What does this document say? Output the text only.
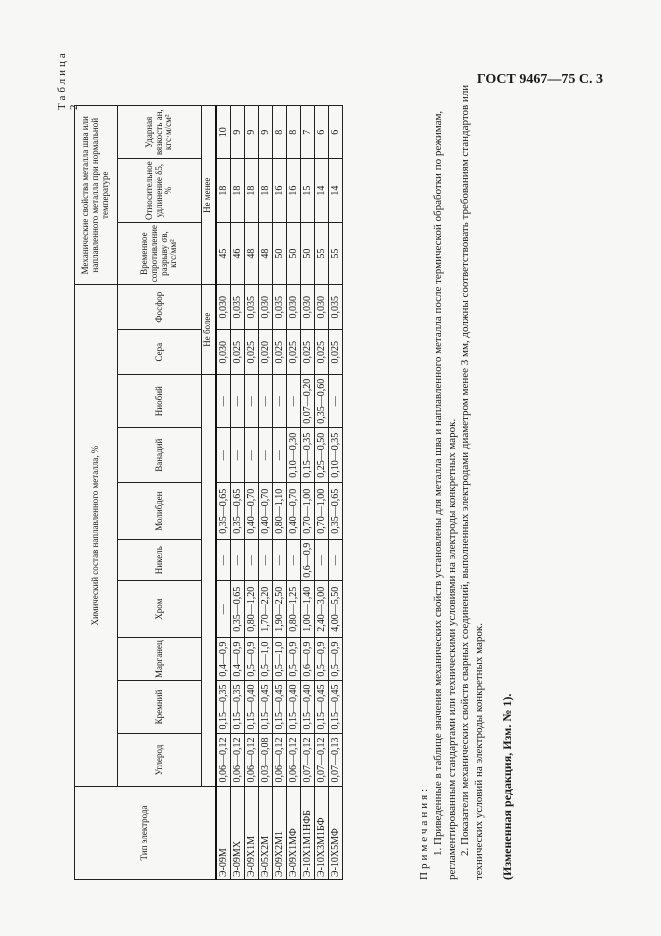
ГОСТ 9467—75 С. 3
Таблица 2
Тип электрода	Химический состав наплавленного металла, %										Механические свойства металла шва или наплавленного металла при нормальной температуре		
	Углерод	Кремний	Марганец	Хром	Никель	Молибден	Ванадий	Ниобий	Сера	Фосфор	Временное сопротивление разрыву σв, кгс/мм²	Относительное удлинение δ5, %	Ударная вязкость aн, кгс·м/см²
									Не более		Не менее		
Э-09М	0,06—0,12	0,15—0,35	0,4—0,9	—	—	0,35—0,65	—	—	0,030	0,030	45	18	10
Э-09МХ	0,06—0,12	0,15—0,35	0,4—0,9	0,35—0,65	—	0,35—0,65	—	—	0,025	0,035	46	18	9
Э-09Х1М	0,06—0,12	0,15—0,40	0,5—0,9	0,80—1,20	—	0,40—0,70	—	—	0,025	0,035	48	18	9
Э-05Х2М	0,03—0,08	0,15—0,45	0,5—1,0	1,70—2,20	—	0,40—0,70	—	—	0,020	0,030	48	18	9
Э-09Х2М1	0,06—0,12	0,15—0,45	0,5—1,0	1,90—2,50	—	0,80—1,10	—	—	0,025	0,035	50	16	8
Э-09Х1МФ	0,06—0,12	0,15—0,40	0,5—0,9	0,80—1,25	—	0,40—0,70	0,10—0,30	—	0,025	0,030	50	16	8
Э-10Х1М1НФБ	0,07—0,12	0,15—0,40	0,6—0,9	1,00—1,40	0,6—0,9	0,70—1,00	0,15—0,35	0,07—0,20	0,025	0,030	50	15	7
Э-10Х3М1БФ	0,07—0,12	0,15—0,45	0,5—0,9	2,40—3,00	—	0,70—1,00	0,25—0,50	0,35—0,60	0,025	0,030	55	14	6
Э-10Х5МФ	0,07—0,13	0,15—0,45	0,5—0,9	4,00—5,50	—	0,35—0,65	0,10—0,35	—	0,025	0,035	55	14	6
Примечания: 1. Приведенные в таблице значения механических свойств установлены для металла шва и наплавленного металла после термической обработки по режимам, регламентированным стандартами или техническими условиями на электроды конкретных марок. 2. Показатели механических свойств сварных соединений, выполненных электродами диаметром менее 3 мм, должны соответствовать требованиям стандартов или технических условий на электроды конкретных марок. (Измененная редакция, Изм. № 1).
